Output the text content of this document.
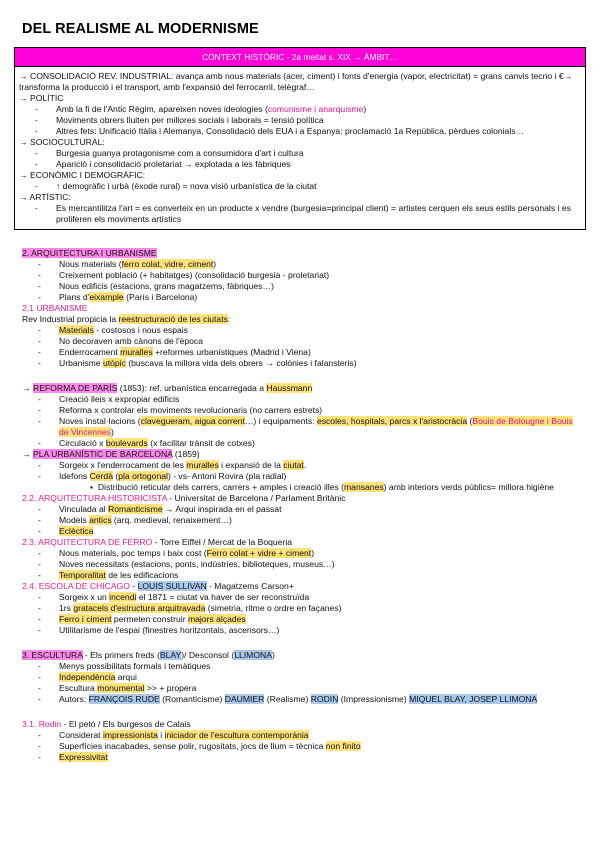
DEL REALISME AL MODERNISME
CONTEXT HISTÒRIC - 2a meitat s. XIX → ÀMBIT…
→ CONSOLIDACIÓ REV. INDUSTRIAL: avança amb nous materials (acer, ciment) i fonts d'energia (vapor, electricitat) = grans canvis tecno i €→ transforma la producció i el transport, amb l'expansió del ferrocarril, telègraf…
→ POLÍTIC
- Amb la fi de l'Antic Règim, apareixen noves ideologies (comunisme i anarquisme)
- Moviments obrers lluiten per millores socials i laborals = tensió política
- Altres fets: Unificació Itàlia i Alemanya, Consolidació dels EUA i a Espanya: proclamació 1a República, pèrdues colonials…
→ SOCIOCULTURAL:
- Burgesia guanya protagonisme com a consumidora d'art i cultura
- Aparició i consolidació proletariat → explotada a les fàbriques
→ ECONÒMIC I DEMOGRÀFIC:
- ↑ demogràfic i urbà (èxode rural) = nova visió urbanística de la ciutat
→ ARTÍSTIC:
- Es mercantilitza l'art = es converteix en un producte x vendre (burgesia=principal client) = artistes cerquen els seus estils personals i es proliferen els moviments artístics
2. ARQUITECTURA I URBANISME
- Nous materials (ferro colat, vidre, ciment)
- Creixement població (+ habitatges) (consolidació burgesia - proletariat)
- Nous edificis (estacions, grans magatzems, fàbriques…)
- Plans d'eixample (París i Barcelona)
2.1 URBANISME
Rev Industrial propicia la reestructuració de les ciutats:
- Materials - costosos i nous espais
- No decoraven amb cànons de l'època
- Enderrocament muralles +reformes urbanístiques (Madrid i Viena)
- Urbanisme utòpic (buscava la millora vida dels obrers → colònies i falansteris)
→ REFORMA DE PARÍS (1853): ref. urbanística encarregada a Haussmann
- Creació lleis x expropiar edificis
- Reforma x controlar els moviments revolucionaris (no carrers estrets)
- Noves instal·lacions (clavegueram, aigua corrent…) i equipaments: escoles, hospitals, parcs x l'aristocràcia (Bouis de Bolougne i Bouis de Vincennes)
- Circulació x boulevards (x facilitar trànsit de cotxes)
→ PLA URBANÍSTIC DE BARCELONA (1859)
- Sorgeix x l'enderrocament de les muralles i expansió de la ciutat.
- Idefons Cerdà (pla ortogonal) - vs- Antoni Rovira (pla radial)
▪  Distribució reticular dels carrers, carrers + amples i creació illes (mansanes) amb interiors verds públics= millora higiène
2.2. ARQUITECTURA HISTORICISTA - Universitat de Barcelona / Parlament Britànic
- Vinculada al Romanticisme → Arqui inspirada en el passat
- Models antics (arq. medieval, renaixement…)
- Eclèctica
2.3. ARQUITECTURA DE FERRO - Torre Eiffel / Mercat de la Boqueria
- Nous materials, poc temps i baix cost (Ferro colat + vidre + ciment)
- Noves necessitats (estacions, ponts, indústries, biblioteques, museus…)
- Temporalitat de les edificacions
2.4. ESCOLA DE CHICAGO - LOUIS SULLIVAN - Magatzems Carson+
- Sorgeix x un incendi el 1871 = ciutat va haver de ser reconstruïda
- 1rs gratacels d'estructura arquitravada (simetria, ritme o ordre en façanes)
- Ferro i ciment permeten construir majors alçades
- Utilitarisme de l'espai (finestres horitzontals, ascensors…)
3. ESCULTURA - Els primers freds (BLAY)/ Desconsol (LLIMONA)
- Menys possibilitats formals i temàtiques
- Independència arqui
- Escultura monumental >> + propera
- Autors: FRANÇOIS RUDE (Romanticisme) DAUMIER (Realisme) RODIN (Impressionisme) MIQUEL BLAY, JOSEP LLIMONA
3.1. Rodin - El petó / Els burgesos de Calais
- Considerat impressionista i iniciador de l'escultura contemporània
- Superfícies inacabades, sense polir, rugositats, jocs de llum = tècnica non finito
- Expressivitat
